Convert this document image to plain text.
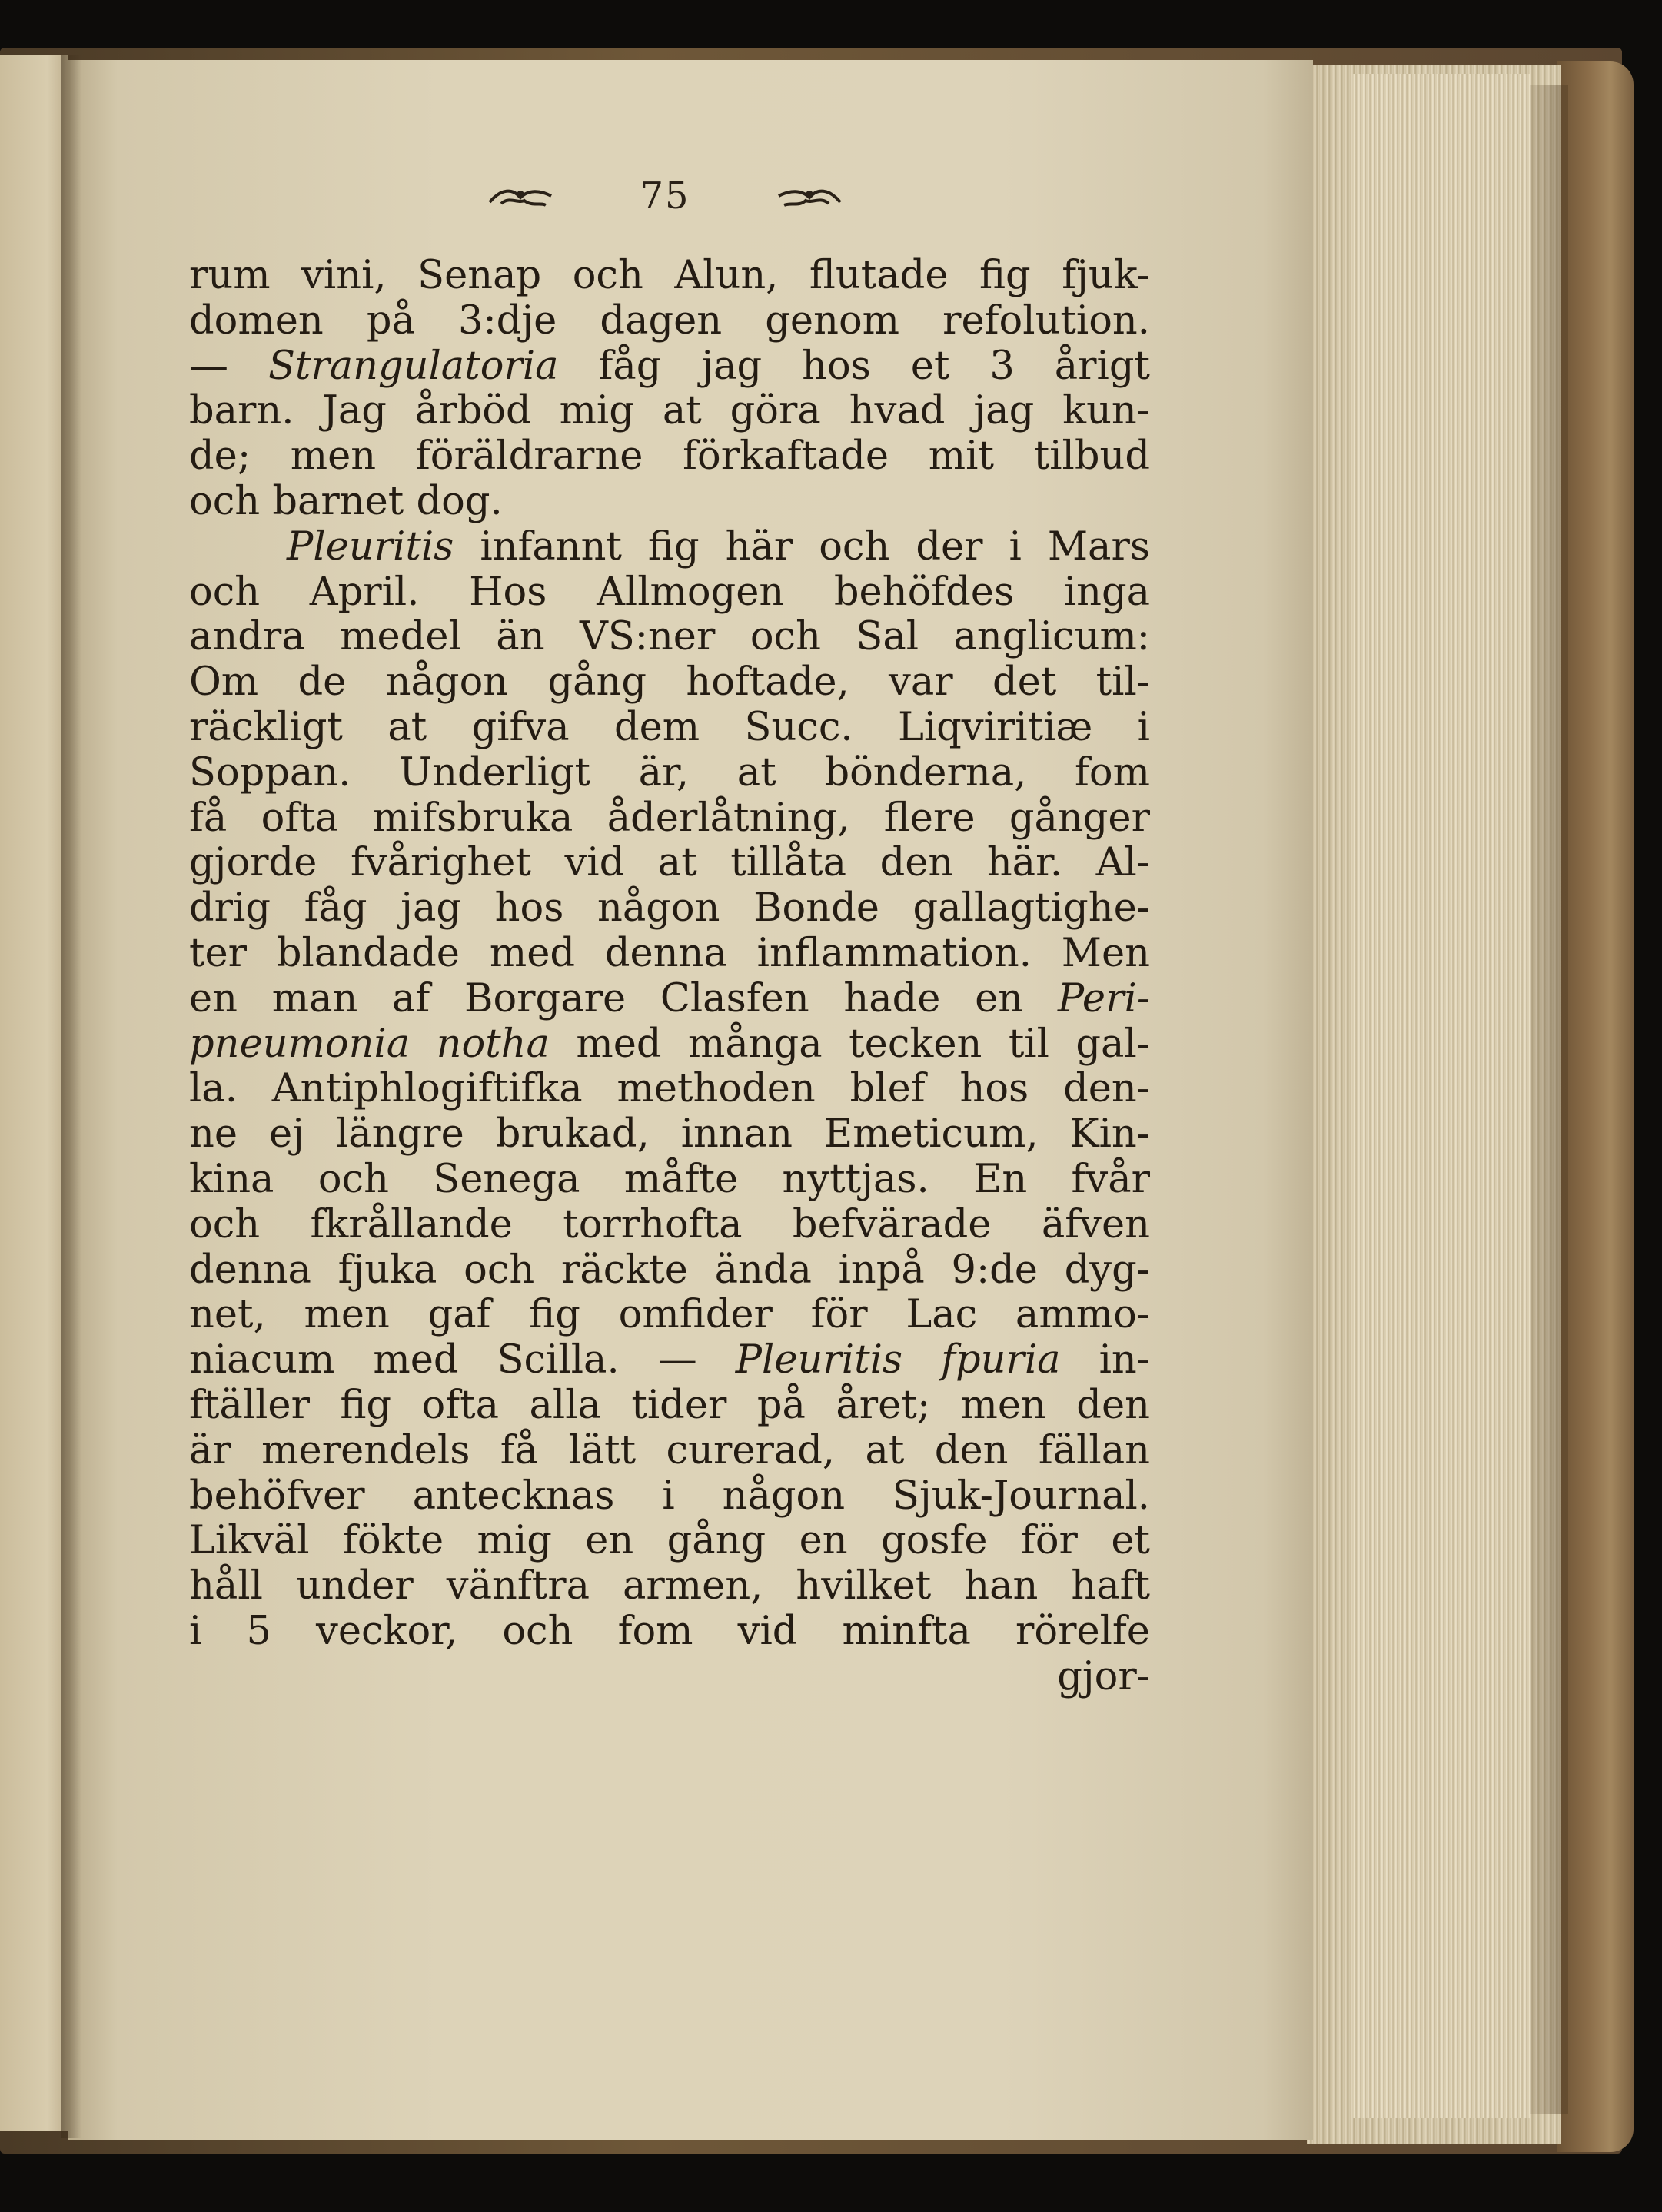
75
rum vini, Senap och Alun, flutade fig fjuk-
domen på 3:dje dagen genom refolution.
— Strangulatoria fåg jag hos et 3 årigt
barn. Jag årböd mig at göra hvad jag kun-
de; men föräldrarne förkaftade mit tilbud
och barnet dog.
Pleuritis infannt fig här och der i Mars
och April. Hos Allmogen behöfdes inga
andra medel än VS:ner och Sal anglicum:
Om de någon gång hoftade, var det til-
räckligt at gifva dem Succ. Liqviritiæ i
Soppan. Underligt är, at bönderna, fom
få ofta mifsbruka åderlåtning, flere gånger
gjorde fvårighet vid at tillåta den här. Al-
drig fåg jag hos någon Bonde gallagtighe-
ter blandade med denna inflammation. Men
en man af Borgare Clasfen hade en Peri-
pneumonia notha med många tecken til gal-
la. Antiphlogiftifka methoden blef hos den-
ne ej längre brukad, innan Emeticum, Kin-
kina och Senega måfte nyttjas. En fvår
och fkrållande torrhofta befvärade äfven
denna fjuka och räckte ända inpå 9:de dyg-
net, men gaf fig omfider för Lac ammo-
niacum med Scilla. — Pleuritis fpuria in-
ftäller fig ofta alla tider på året; men den
är merendels få lätt curerad, at den fällan
behöfver antecknas i någon Sjuk-Journal.
Likväl fökte mig en gång en gosfe för et
håll under vänftra armen, hvilket han haft
i 5 veckor, och fom vid minfta rörelfe
gjor-
